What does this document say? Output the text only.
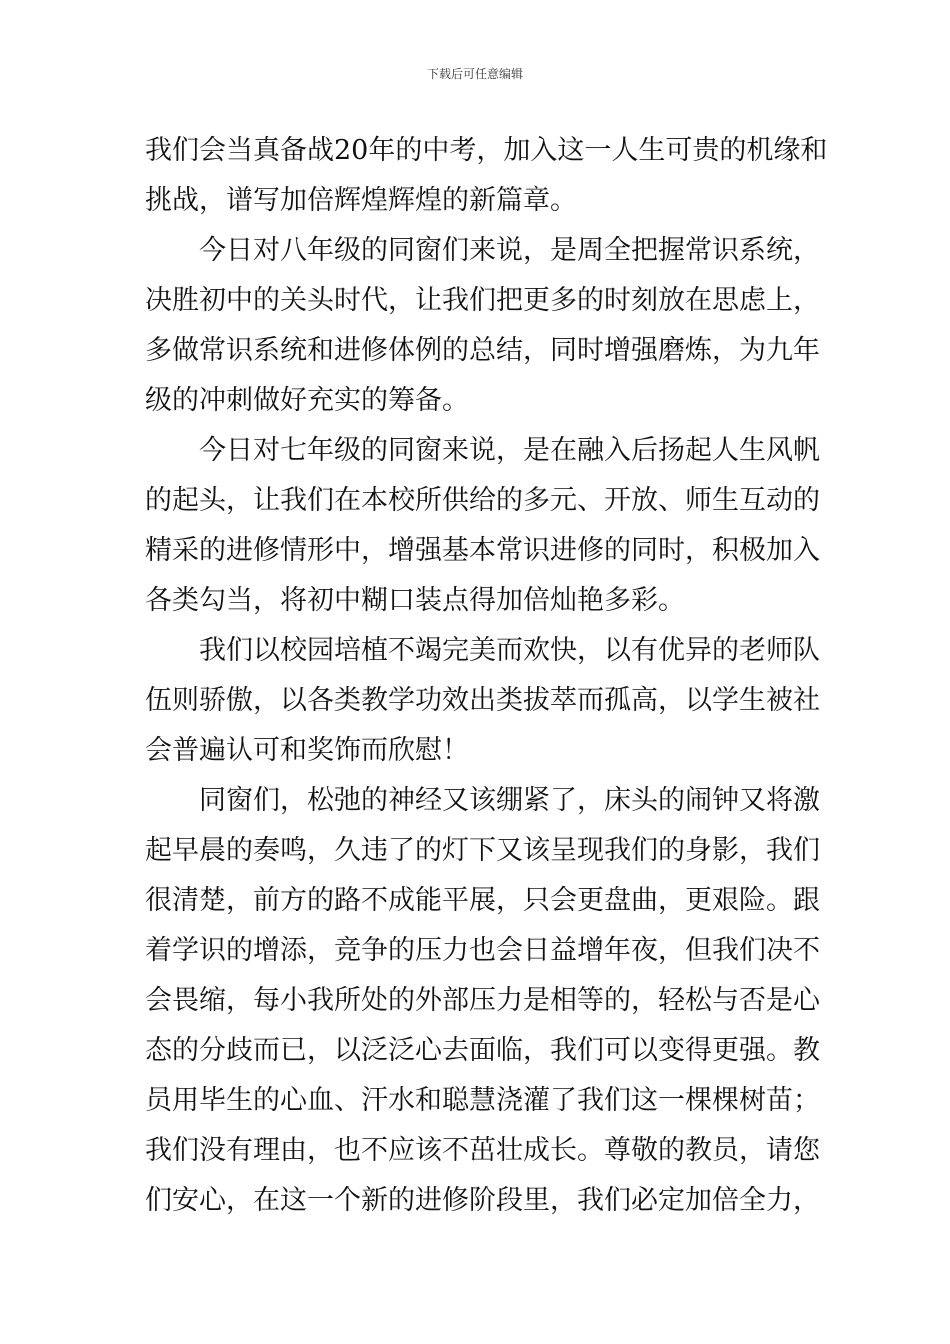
下载后可任意编辑
我们会当真备战20年的中考，加入这一人生可贵的机缘和
挑战，谱写加倍辉煌辉煌的新篇章。
今日对八年级的同窗们来说，是周全把握常识系统，
决胜初中的关头时代，让我们把更多的时刻放在思虑上，
多做常识系统和进修体例的总结，同时增强磨炼，为九年
级的冲刺做好充实的筹备。
今日对七年级的同窗来说，是在融入后扬起人生风帆
的起头，让我们在本校所供给的多元、开放、师生互动的
精采的进修情形中，增强基本常识进修的同时，积极加入
各类勾当，将初中糊口装点得加倍灿艳多彩。
我们以校园培植不竭完美而欢快，以有优异的老师队
伍则骄傲，以各类教学功效出类拔萃而孤高，以学生被社
会普遍认可和奖饰而欣慰！
同窗们，松弛的神经又该绷紧了，床头的闹钟又将激
起早晨的奏鸣，久违了的灯下又该呈现我们的身影，我们
很清楚，前方的路不成能平展，只会更盘曲，更艰险。跟
着学识的增添，竞争的压力也会日益增年夜，但我们决不
会畏缩，每小我所处的外部压力是相等的，轻松与否是心
态的分歧而已，以泛泛心去面临，我们可以变得更强。教
员用毕生的心血、汗水和聪慧浇灌了我们这一棵棵树苗；
我们没有理由，也不应该不茁壮成长。尊敬的教员，请您
们安心，在这一个新的进修阶段里，我们必定加倍全力，
